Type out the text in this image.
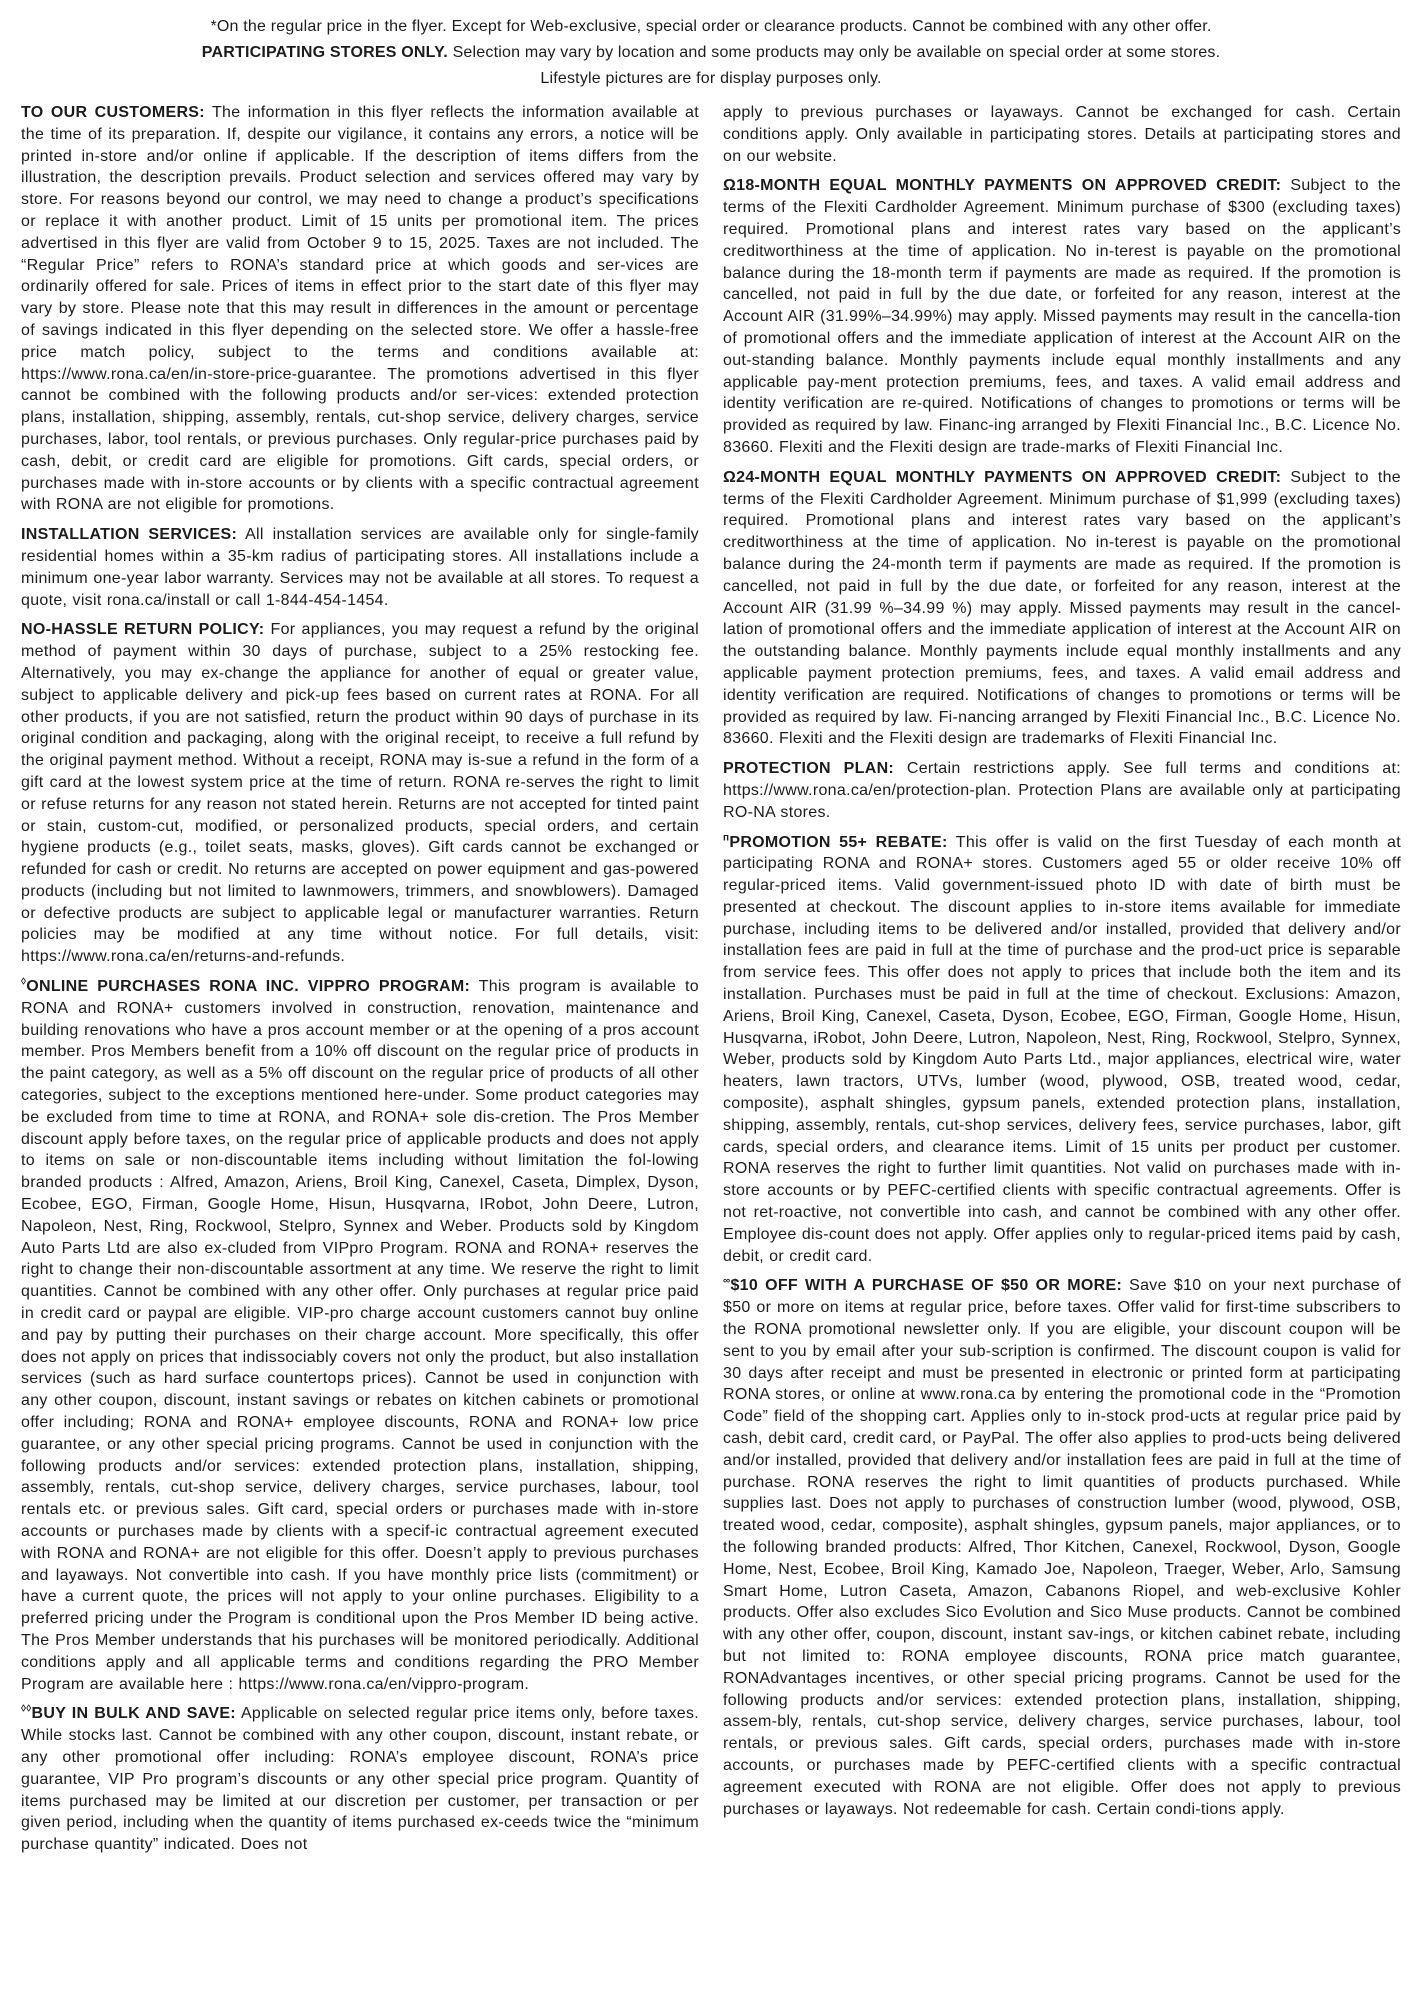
*On the regular price in the flyer. Except for Web-exclusive, special order or clearance products. Cannot be combined with any other offer.

PARTICIPATING STORES ONLY. Selection may vary by location and some products may only be available on special order at some stores.

Lifestyle pictures are for display purposes only.

TO OUR CUSTOMERS: The information in this flyer reflects the information available at the time of its preparation. If, despite our vigilance, it contains any errors, a notice will be printed in-store and/or online if applicable. If the description of items differs from the illustration, the description prevails. Product selection and services offered may vary by store. For reasons beyond our control, we may need to change a product’s specifications or replace it with another product. Limit of 15 units per promotional item. The prices advertised in this flyer are valid from October 9 to 15, 2025. Taxes are not included. The “Regular Price” refers to RONA’s standard price at which goods and ser-vices are ordinarily offered for sale. Prices of items in effect prior to the start date of this flyer may vary by store. Please note that this may result in differences in the amount or percentage of savings indicated in this flyer depending on the selected store. We offer a hassle-free price match policy, subject to the terms and conditions available at: https://www.rona.ca/en/in-store-price-guarantee. The promotions advertised in this flyer cannot be combined with the following products and/or ser-vices: extended protection plans, installation, shipping, assembly, rentals, cut-shop service, delivery charges, service purchases, labor, tool rentals, or previous purchases. Only regular-price purchases paid by cash, debit, or credit card are eligible for promotions. Gift cards, special orders, or purchases made with in-store accounts or by clients with a specific contractual agreement with RONA are not eligible for promotions.

INSTALLATION SERVICES: All installation services are available only for single-family residential homes within a 35-km radius of participating stores. All installations include a minimum one-year labor warranty. Services may not be available at all stores. To request a quote, visit rona.ca/install or call 1-844-454-1454.

NO-HASSLE RETURN POLICY: For appliances, you may request a refund by the original method of payment within 30 days of purchase, subject to a 25% restocking fee. Alternatively, you may ex-change the appliance for another of equal or greater value, subject to applicable delivery and pick-up fees based on current rates at RONA. For all other products, if you are not satisfied, return the product within 90 days of purchase in its original condition and packaging, along with the original receipt, to receive a full refund by the original payment method. Without a receipt, RONA may is-sue a refund in the form of a gift card at the lowest system price at the time of return. RONA re-serves the right to limit or refuse returns for any reason not stated herein. Returns are not accepted for tinted paint or stain, custom-cut, modified, or personalized products, special orders, and certain hygiene products (e.g., toilet seats, masks, gloves). Gift cards cannot be exchanged or refunded for cash or credit. No returns are accepted on power equipment and gas-powered products (including but not limited to lawnmowers, trimmers, and snowblowers). Damaged or defective products are subject to applicable legal or manufacturer warranties. Return policies may be modified at any time without notice. For full details, visit: https://www.rona.ca/en/returns-and-refunds.

◊ONLINE PURCHASES RONA INC. VIPPRO PROGRAM: This program is available to RONA and RONA+ customers involved in construction, renovation, maintenance and building renovations who have a pros account member or at the opening of a pros account member. Pros Members benefit from a 10% off discount on the regular price of products in the paint category, as well as a 5% off discount on the regular price of products of all other categories, subject to the exceptions mentioned here-under. Some product categories may be excluded from time to time at RONA, and RONA+ sole dis-cretion. The Pros Member discount apply before taxes, on the regular price of applicable products and does not apply to items on sale or non-discountable items including without limitation the fol-lowing branded products : Alfred, Amazon, Ariens, Broil King, Canexel, Caseta, Dimplex, Dyson, Ecobee, EGO, Firman, Google Home, Hisun, Husqvarna, IRobot, John Deere, Lutron, Napoleon, Nest, Ring, Rockwool, Stelpro, Synnex and Weber. Products sold by Kingdom Auto Parts Ltd are also ex-cluded from VIPpro Program. RONA and RONA+ reserves the right to change their non-discountable assortment at any time. We reserve the right to limit quantities. Cannot be combined with any other offer. Only purchases at regular price paid in credit card or paypal are eligible. VIP-pro charge account customers cannot buy online and pay by putting their purchases on their charge account. More specifically, this offer does not apply on prices that indissociably covers not only the product, but also installation services (such as hard surface countertops prices). Cannot be used in conjunction with any other coupon, discount, instant savings or rebates on kitchen cabinets or promotional offer including; RONA and RONA+ employee discounts, RONA and RONA+ low price guarantee, or any other special pricing programs. Cannot be used in conjunction with the following products and/or services: extended protection plans, installation, shipping, assembly, rentals, cut-shop service, delivery charges, service purchases, labour, tool rentals etc. or previous sales. Gift card, special orders or purchases made with in-store accounts or purchases made by clients with a specif-ic contractual agreement executed with RONA and RONA+ are not eligible for this offer. Doesn’t apply to previous purchases and layaways. Not convertible into cash. If you have monthly price lists (commitment) or have a current quote, the prices will not apply to your online purchases. Eligibility to a preferred pricing under the Program is conditional upon the Pros Member ID being active. The Pros Member understands that his purchases will be monitored periodically. Additional conditions apply and all applicable terms and conditions regarding the PRO Member Program are available here : https://www.rona.ca/en/vippro-program.

◊◊BUY IN BULK AND SAVE: Applicable on selected regular price items only, before taxes. While stocks last. Cannot be combined with any other coupon, discount, instant rebate, or any other promotional offer including: RONA’s employee discount, RONA’s price guarantee, VIP Pro program’s discounts or any other special price program. Quantity of items purchased may be limited at our discretion per customer, per transaction or per given period, including when the quantity of items purchased ex-ceeds twice the “minimum purchase quantity” indicated. Does not

apply to previous purchases or layaways. Cannot be exchanged for cash. Certain conditions apply. Only available in participating stores. Details at participating stores and on our website.

Ω18-MONTH EQUAL MONTHLY PAYMENTS ON APPROVED CREDIT: Subject to the terms of the Flexiti Cardholder Agreement. Minimum purchase of $300 (excluding taxes) required. Promotional plans and interest rates vary based on the applicant’s creditworthiness at the time of application. No in-terest is payable on the promotional balance during the 18-month term if payments are made as required. If the promotion is cancelled, not paid in full by the due date, or forfeited for any reason, interest at the Account AIR (31.99%–34.99%) may apply. Missed payments may result in the cancella-tion of promotional offers and the immediate application of interest at the Account AIR on the out-standing balance. Monthly payments include equal monthly installments and any applicable pay-ment protection premiums, fees, and taxes. A valid email address and identity verification are re-quired. Notifications of changes to promotions or terms will be provided as required by law. Financ-ing arranged by Flexiti Financial Inc., B.C. Licence No. 83660. Flexiti and the Flexiti design are trade-marks of Flexiti Financial Inc.

Ω24-MONTH EQUAL MONTHLY PAYMENTS ON APPROVED CREDIT: Subject to the terms of the Flexiti Cardholder Agreement. Minimum purchase of $1,999 (excluding taxes) required. Promotional plans and interest rates vary based on the applicant’s creditworthiness at the time of application. No in-terest is payable on the promotional balance during the 24-month term if payments are made as required. If the promotion is cancelled, not paid in full by the due date, or forfeited for any reason, interest at the Account AIR (31.99 %–34.99 %) may apply. Missed payments may result in the cancel-lation of promotional offers and the immediate application of interest at the Account AIR on the outstanding balance. Monthly payments include equal monthly installments and any applicable payment protection premiums, fees, and taxes. A valid email address and identity verification are required. Notifications of changes to promotions or terms will be provided as required by law. Fi-nancing arranged by Flexiti Financial Inc., B.C. Licence No. 83660. Flexiti and the Flexiti design are trademarks of Flexiti Financial Inc.

PROTECTION PLAN: Certain restrictions apply. See full terms and conditions at: https://www.rona.ca/en/protection-plan. Protection Plans are available only at participating RO-NA stores.

$^ᴨ$PROMOTION 55+ REBATE: This offer is valid on the first Tuesday of each month at participating RONA and RONA+ stores. Customers aged 55 or older receive 10% off regular-priced items. Valid government-issued photo ID with date of birth must be presented at checkout. The discount applies to in-store items available for immediate purchase, including items to be delivered and/or installed, provided that delivery and/or installation fees are paid in full at the time of purchase and the prod-uct price is separable from service fees. This offer does not apply to prices that include both the item and its installation. Purchases must be paid in full at the time of checkout. Exclusions: Amazon, Ariens, Broil King, Canexel, Caseta, Dyson, Ecobee, EGO, Firman, Google Home, Hisun, Husqvarna, iRobot, John Deere, Lutron, Napoleon, Nest, Ring, Rockwool, Stelpro, Synnex, Weber, products sold by Kingdom Auto Parts Ltd., major appliances, electrical wire, water heaters, lawn tractors, UTVs, lumber (wood, plywood, OSB, treated wood, cedar, composite), asphalt shingles, gypsum panels, extended protection plans, installation, shipping, assembly, rentals, cut-shop services, delivery fees, service purchases, labor, gift cards, special orders, and clearance items. Limit of 15 units per product per customer. RONA reserves the right to further limit quantities. Not valid on purchases made with in-store accounts or by PEFC-certified clients with specific contractual agreements. Offer is not ret-roactive, not convertible into cash, and cannot be combined with any other offer. Employee dis-count does not apply. Offer applies only to regular-priced items paid by cash, debit, or credit card.

∞$10 OFF WITH A PURCHASE OF $50 OR MORE: Save $10 on your next purchase of $50 or more on items at regular price, before taxes. Offer valid for first-time subscribers to the RONA promotional newsletter only. If you are eligible, your discount coupon will be sent to you by email after your sub-scription is confirmed. The discount coupon is valid for 30 days after receipt and must be presented in electronic or printed form at participating RONA stores, or online at www.rona.ca by entering the promotional code in the “Promotion Code” field of the shopping cart. Applies only to in-stock prod-ucts at regular price paid by cash, debit card, credit card, or PayPal. The offer also applies to prod-ucts being delivered and/or installed, provided that delivery and/or installation fees are paid in full at the time of purchase. RONA reserves the right to limit quantities of products purchased. While supplies last. Does not apply to purchases of construction lumber (wood, plywood, OSB, treated wood, cedar, composite), asphalt shingles, gypsum panels, major appliances, or to the following branded products: Alfred, Thor Kitchen, Canexel, Rockwool, Dyson, Google Home, Nest, Ecobee, Broil King, Kamado Joe, Napoleon, Traeger, Weber, Arlo, Samsung Smart Home, Lutron Caseta, Amazon, Cabanons Riopel, and web-exclusive Kohler products. Offer also excludes Sico Evolution and Sico Muse products. Cannot be combined with any other offer, coupon, discount, instant sav-ings, or kitchen cabinet rebate, including but not limited to: RONA employee discounts, RONA price match guarantee, RONAdvantages incentives, or other special pricing programs. Cannot be used for the following products and/or services: extended protection plans, installation, shipping, assem-bly, rentals, cut-shop service, delivery charges, service purchases, labour, tool rentals, or previous sales. Gift cards, special orders, purchases made with in-store accounts, or purchases made by PEFC-certified clients with a specific contractual agreement executed with RONA are not eligible. Offer does not apply to previous purchases or layaways. Not redeemable for cash. Certain condi-tions apply.
